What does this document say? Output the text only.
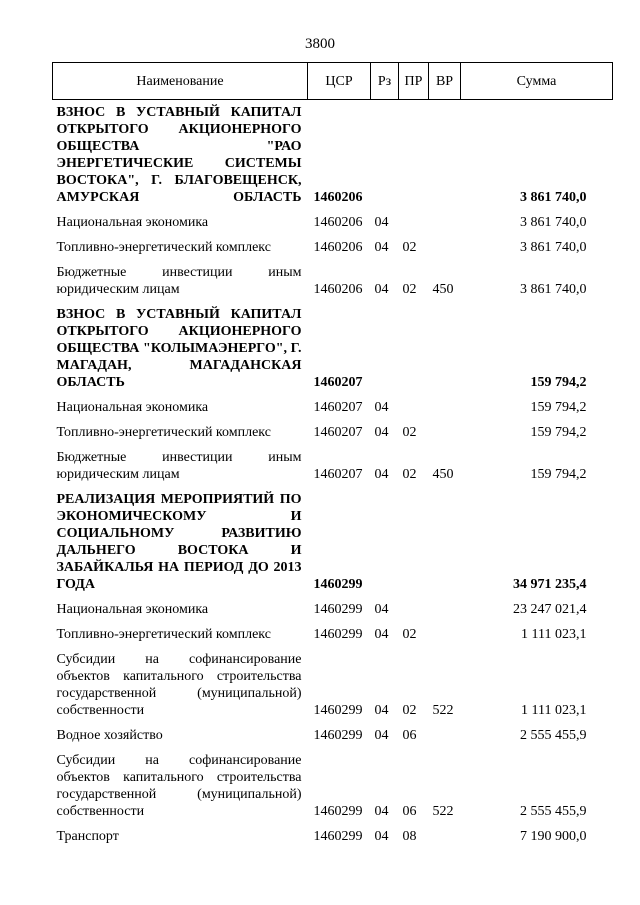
3800
Наименование	ЦСР	Рз	ПР	ВР	Сумма
ВЗНОС В УСТАВНЫЙ КАПИТАЛ ОТКРЫТОГО АКЦИОНЕРНОГО ОБЩЕСТВА "РАО ЭНЕРГЕТИЧЕСКИЕ СИСТЕМЫ ВОСТОКА", Г. БЛАГОВЕЩЕНСК, АМУРСКАЯ ОБЛАСТЬ	1460206				3 861 740,0
Национальная экономика	1460206	04			3 861 740,0
Топливно-энергетический комплекс	1460206	04	02		3 861 740,0
Бюджетные инвестиции иным юридическим лицам	1460206	04	02	450	3 861 740,0
ВЗНОС В УСТАВНЫЙ КАПИТАЛ ОТКРЫТОГО АКЦИОНЕРНОГО ОБЩЕСТВА "КОЛЫМАЭНЕРГО", Г. МАГАДАН, МАГАДАНСКАЯ ОБЛАСТЬ	1460207				159 794,2
Национальная экономика	1460207	04			159 794,2
Топливно-энергетический комплекс	1460207	04	02		159 794,2
Бюджетные инвестиции иным юридическим лицам	1460207	04	02	450	159 794,2
РЕАЛИЗАЦИЯ МЕРОПРИЯТИЙ ПО ЭКОНОМИЧЕСКОМУ И СОЦИАЛЬНОМУ РАЗВИТИЮ ДАЛЬНЕГО ВОСТОКА И ЗАБАЙКАЛЬЯ НА ПЕРИОД ДО 2013 ГОДА	1460299				34 971 235,4
Национальная экономика	1460299	04			23 247 021,4
Топливно-энергетический комплекс	1460299	04	02		1 111 023,1
Субсидии на софинансирование объектов капитального строительства государственной (муниципальной) собственности	1460299	04	02	522	1 111 023,1
Водное хозяйство	1460299	04	06		2 555 455,9
Субсидии на софинансирование объектов капитального строительства государственной (муниципальной) собственности	1460299	04	06	522	2 555 455,9
Транспорт	1460299	04	08		7 190 900,0
